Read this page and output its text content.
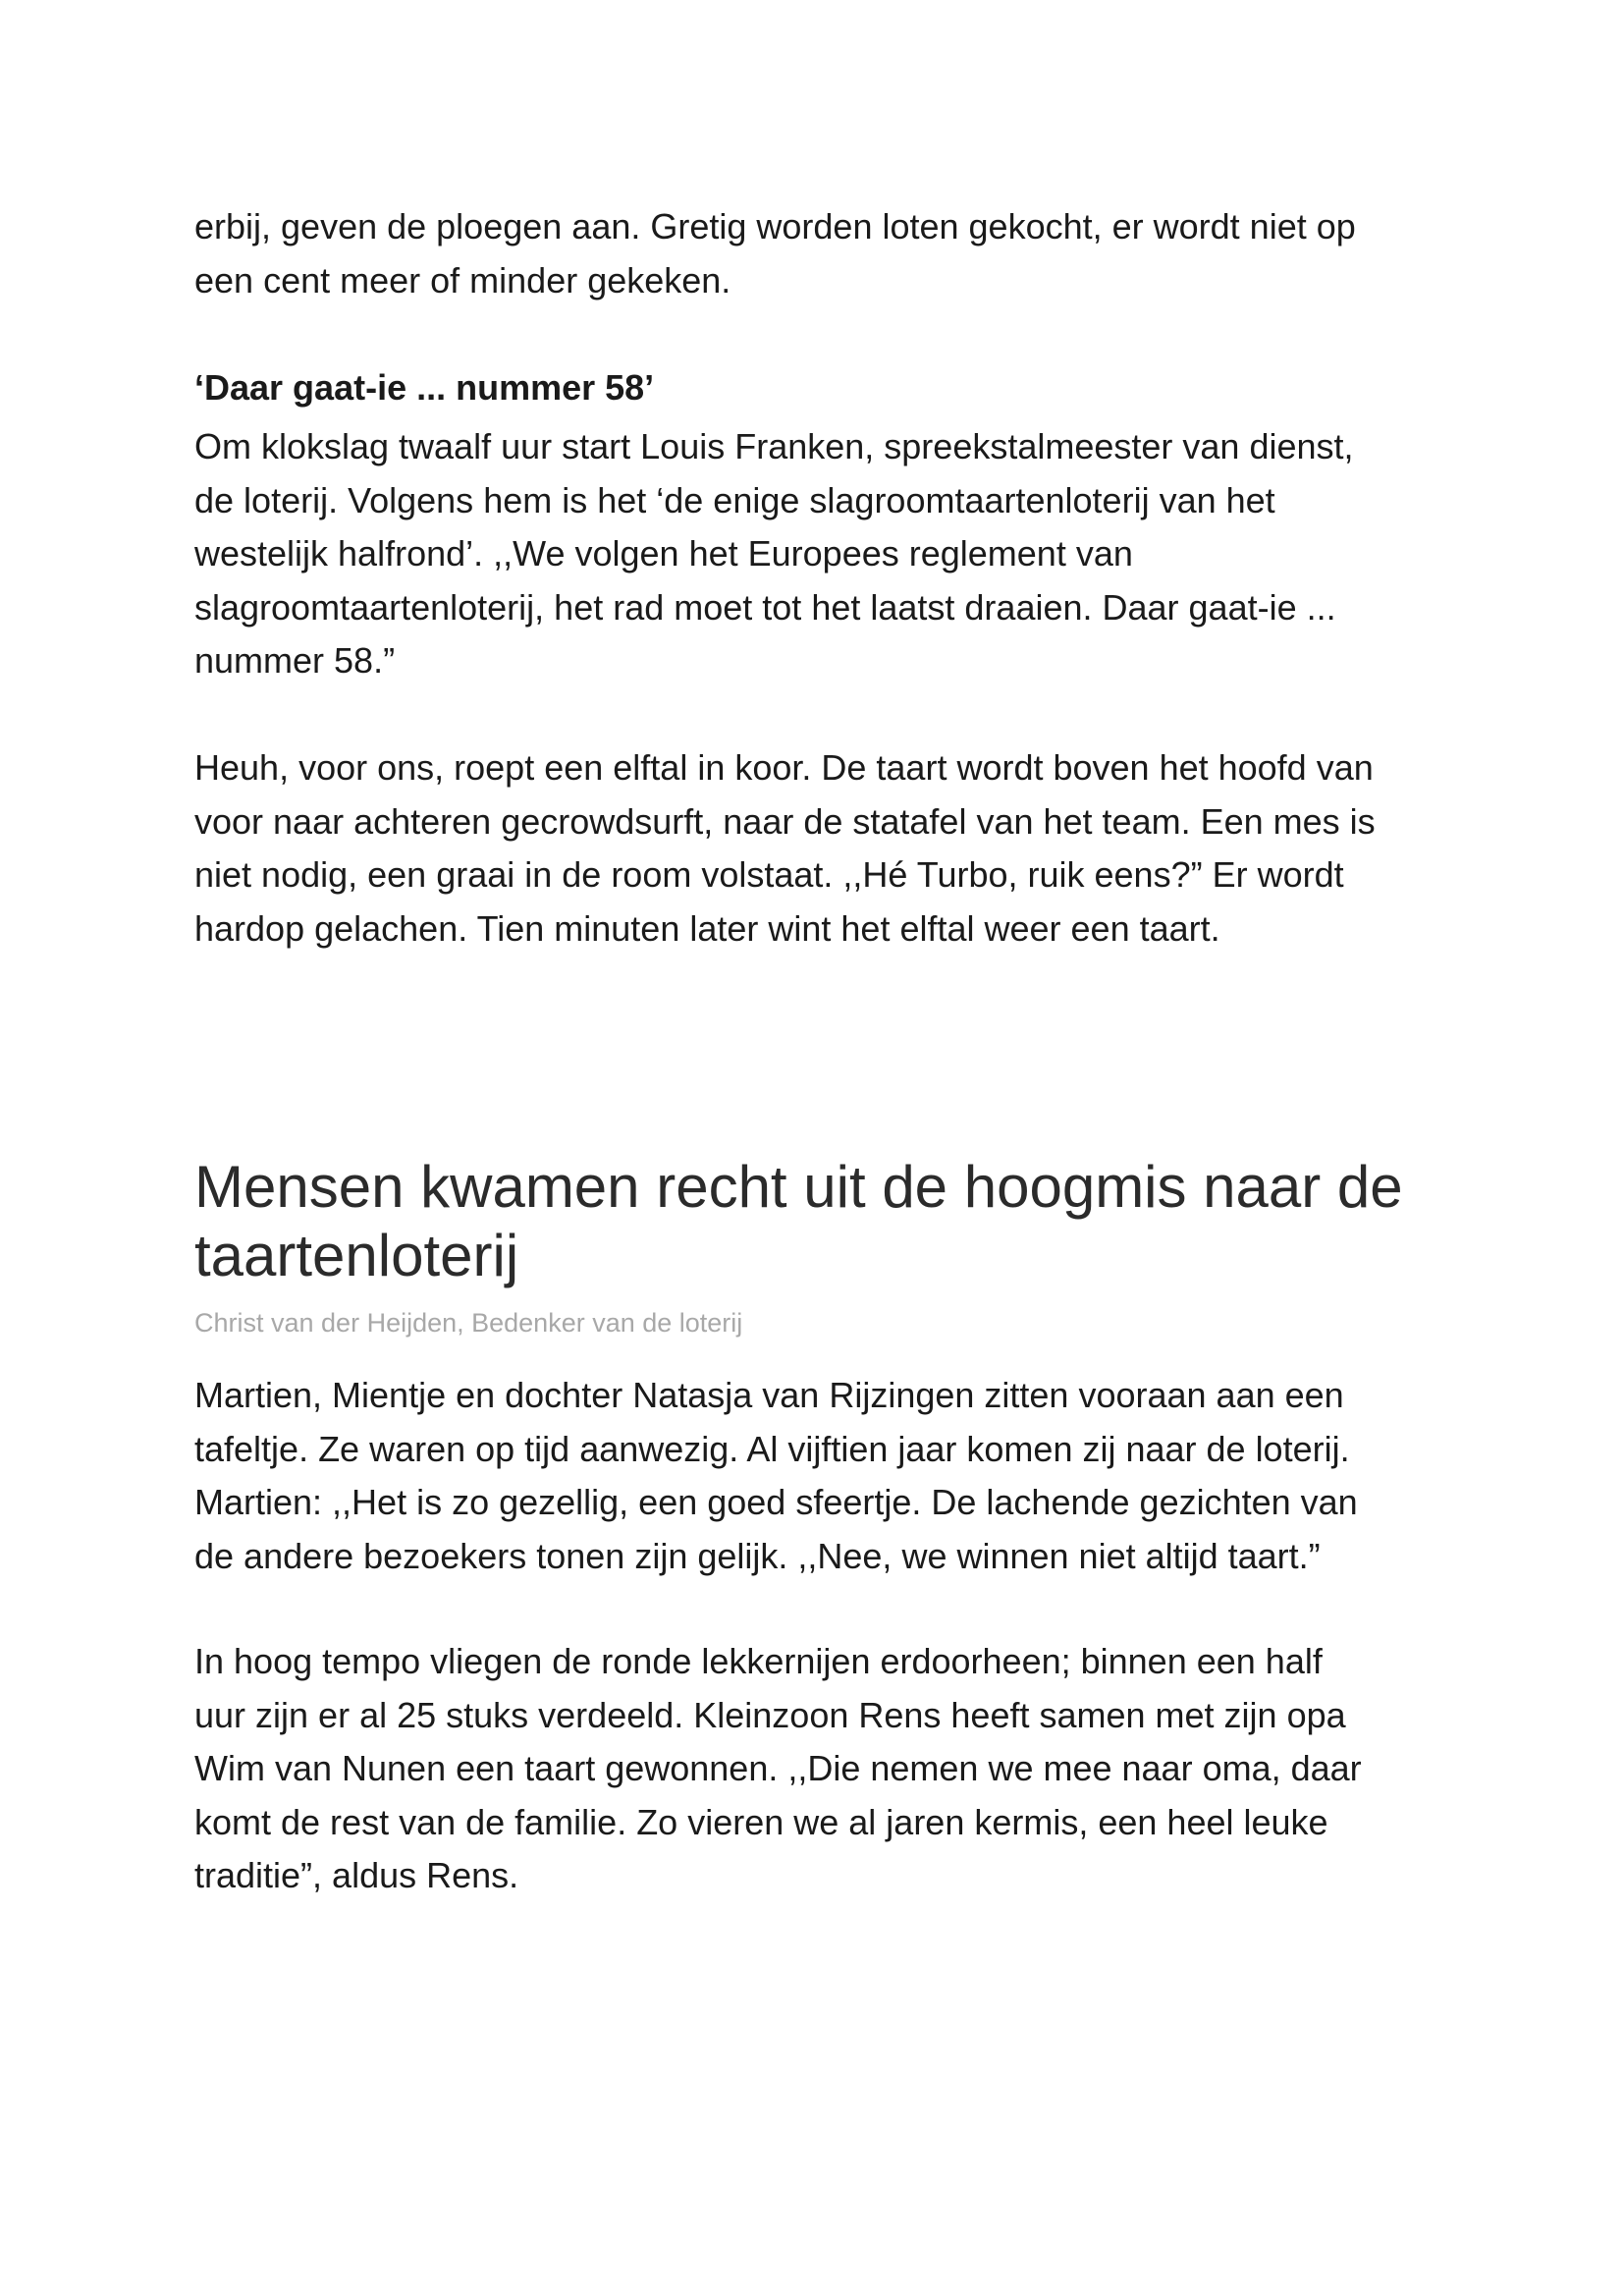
erbij, geven de ploegen aan. Gretig worden loten gekocht, er wordt niet op
een cent meer of minder gekeken.

‘Daar gaat-ie ... nummer 58’

Om klokslag twaalf uur start Louis Franken, spreekstalmeester van dienst,
de loterij. Volgens hem is het ‘de enige slagroomtaartenloterij van het
westelijk halfrond’. ,,We volgen het Europees reglement van
slagroomtaartenloterij, het rad moet tot het laatst draaien. Daar gaat-ie ...
nummer 58.”

Heuh, voor ons, roept een elftal in koor. De taart wordt boven het hoofd van
voor naar achteren gecrowdsurft, naar de statafel van het team. Een mes is
niet nodig, een graai in de room volstaat. ,,Hé Turbo, ruik eens?” Er wordt
hardop gelachen. Tien minuten later wint het elftal weer een taart.

Mensen kwamen recht uit de hoogmis naar de
taartenloterij

Christ van der Heijden, Bedenker van de loterij

Martien, Mientje en dochter Natasja van Rijzingen zitten vooraan aan een
tafeltje. Ze waren op tijd aanwezig. Al vijftien jaar komen zij naar de loterij.
Martien: ,,Het is zo gezellig, een goed sfeertje. De lachende gezichten van
de andere bezoekers tonen zijn gelijk. ,,Nee, we winnen niet altijd taart.”

In hoog tempo vliegen de ronde lekkernijen erdoorheen; binnen een half
uur zijn er al 25 stuks verdeeld. Kleinzoon Rens heeft samen met zijn opa
Wim van Nunen een taart gewonnen. ,,Die nemen we mee naar oma, daar
komt de rest van de familie. Zo vieren we al jaren kermis, een heel leuke
traditie”, aldus Rens.
